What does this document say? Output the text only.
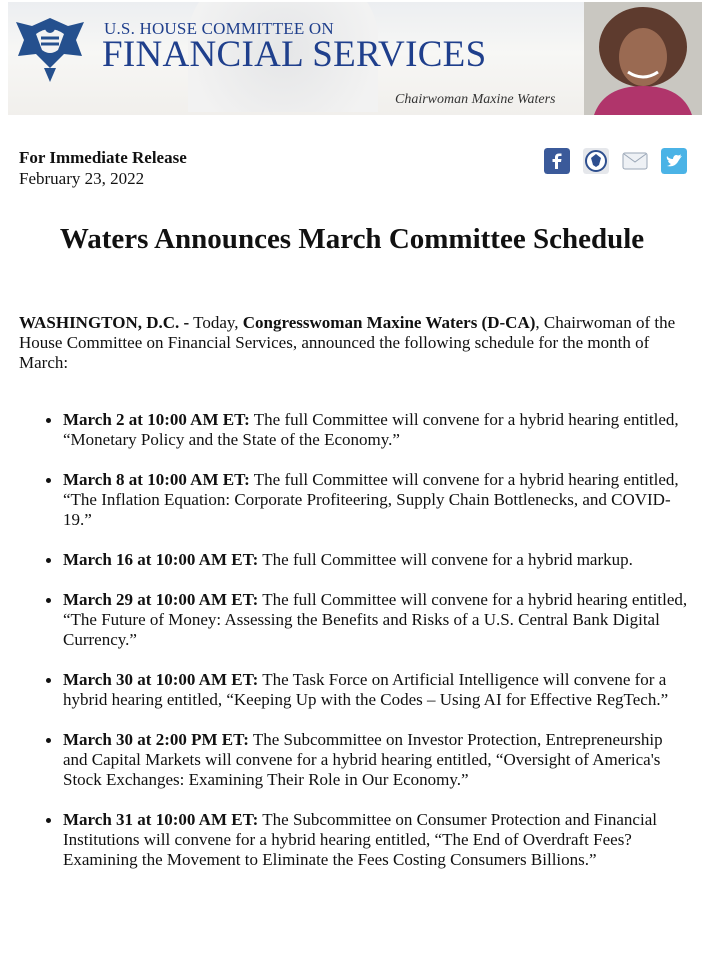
U.S. HOUSE COMMITTEE ON
FINANCIAL SERVICES
Chairwoman Maxine Waters
For Immediate Release
February 23, 2022
Waters Announces March Committee Schedule
WASHINGTON, D.C. - Today, Congresswoman Maxine Waters (D-CA), Chairwoman of the House Committee on Financial Services, announced the following schedule for the month of March:
March 2 at 10:00 AM ET: The full Committee will convene for a hybrid hearing entitled, “Monetary Policy and the State of the Economy.”
March 8 at 10:00 AM ET: The full Committee will convene for a hybrid hearing entitled, “The Inflation Equation: Corporate Profiteering, Supply Chain Bottlenecks, and COVID-19.”
March 16 at 10:00 AM ET: The full Committee will convene for a hybrid markup.
March 29 at 10:00 AM ET: The full Committee will convene for a hybrid hearing entitled, “The Future of Money: Assessing the Benefits and Risks of a U.S. Central Bank Digital Currency.”
March 30 at 10:00 AM ET: The Task Force on Artificial Intelligence will convene for a hybrid hearing entitled, “Keeping Up with the Codes – Using AI for Effective RegTech.”
March 30 at 2:00 PM ET: The Subcommittee on Investor Protection, Entrepreneurship and Capital Markets will convene for a hybrid hearing entitled, “Oversight of America's Stock Exchanges: Examining Their Role in Our Economy.”
March 31 at 10:00 AM ET: The Subcommittee on Consumer Protection and Financial Institutions will convene for a hybrid hearing entitled, “The End of Overdraft Fees? Examining the Movement to Eliminate the Fees Costing Consumers Billions.”
